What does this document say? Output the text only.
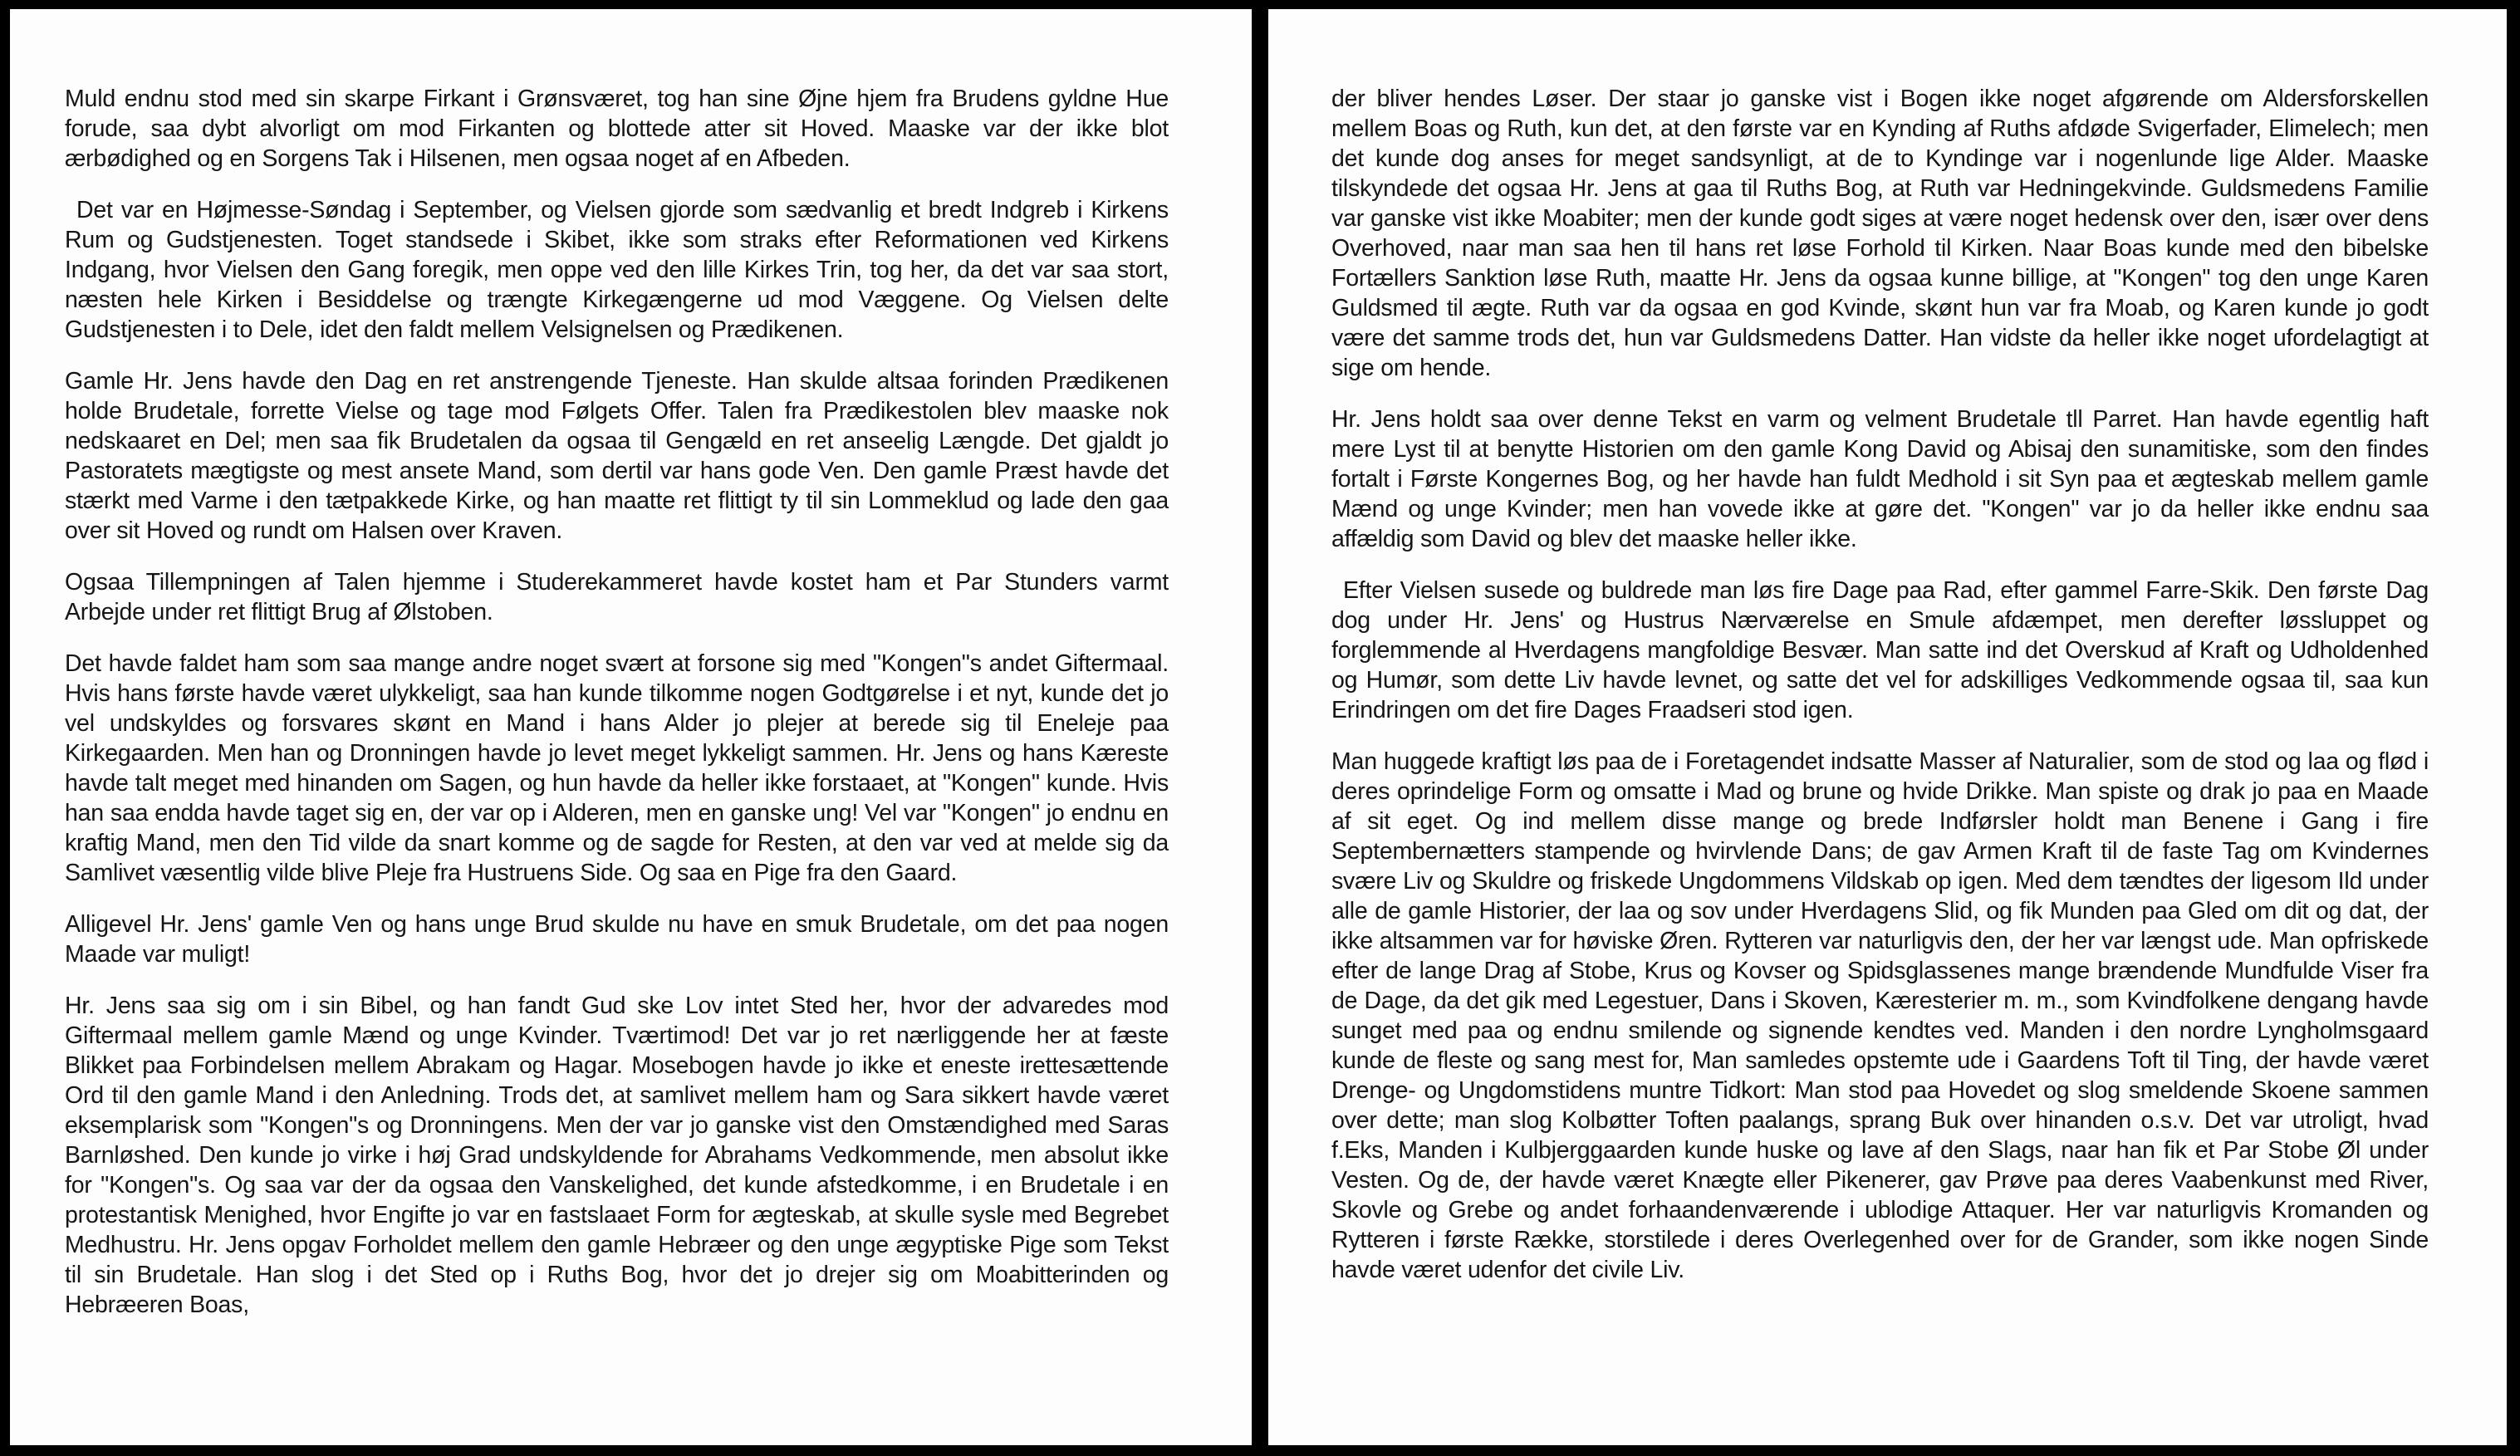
Muld endnu stod med sin skarpe Firkant i Grønsværet, tog han sine Øjne hjem fra Brudens gyldne Hue forude, saa dybt alvorligt om mod Firkanten og blottede atter sit Hoved. Maaske var der ikke blot ærbødighed og en Sorgens Tak i Hilsenen, men ogsaa noget af en Afbeden.

Det var en Højmesse-Søndag i September, og Vielsen gjorde som sædvanlig et bredt Indgreb i Kirkens Rum og Gudstjenesten. Toget standsede i Skibet, ikke som straks efter Reformationen ved Kirkens Indgang, hvor Vielsen den Gang foregik, men oppe ved den lille Kirkes Trin, tog her, da det var saa stort, næsten hele Kirken i Besiddelse og trængte Kirkegængerne ud mod Væggene. Og Vielsen delte Gudstjenesten i to Dele, idet den faldt mellem Velsignelsen og Prædikenen.

Gamle Hr. Jens havde den Dag en ret anstrengende Tjeneste. Han skulde altsaa forinden Prædikenen holde Brudetale, forrette Vielse og tage mod Følgets Offer. Talen fra Prædikestolen blev maaske nok nedskaaret en Del; men saa fik Brudetalen da ogsaa til Gengæld en ret anseelig Længde. Det gjaldt jo Pastoratets mægtigste og mest ansete Mand, som dertil var hans gode Ven. Den gamle Præst havde det stærkt med Varme i den tætpakkede Kirke, og han maatte ret flittigt ty til sin Lommeklud og lade den gaa over sit Hoved og rundt om Halsen over Kraven.

Ogsaa Tillempningen af Talen hjemme i Studerekammeret havde kostet ham et Par Stunders varmt Arbejde under ret flittigt Brug af Ølstoben.

Det havde faldet ham som saa mange andre noget svært at forsone sig med "Kongen"s andet Giftermaal. Hvis hans første havde været ulykkeligt, saa han kunde tilkomme nogen Godtgørelse i et nyt, kunde det jo vel undskyldes og forsvares skønt en Mand i hans Alder jo plejer at berede sig til Eneleje paa Kirkegaarden. Men han og Dronningen havde jo levet meget lykkeligt sammen. Hr. Jens og hans Kæreste havde talt meget med hinanden om Sagen, og hun havde da heller ikke forstaaet, at "Kongen" kunde. Hvis han saa endda havde taget sig en, der var op i Alderen, men en ganske ung! Vel var "Kongen" jo endnu en kraftig Mand, men den Tid vilde da snart komme og de sagde for Resten, at den var ved at melde sig da Samlivet væsentlig vilde blive Pleje fra Hustruens Side. Og saa en Pige fra den Gaard.

Alligevel Hr. Jens' gamle Ven og hans unge Brud skulde nu have en smuk Brudetale, om det paa nogen Maade var muligt!

Hr. Jens saa sig om i sin Bibel, og han fandt Gud ske Lov intet Sted her, hvor der advaredes mod Giftermaal mellem gamle Mænd og unge Kvinder. Tværtimod! Det var jo ret nærliggende her at fæste Blikket paa Forbindelsen mellem Abrakam og Hagar. Mosebogen havde jo ikke et eneste irettesættende Ord til den gamle Mand i den Anledning. Trods det, at samlivet mellem ham og Sara sikkert havde været eksemplarisk som "Kongen"s og Dronningens. Men der var jo ganske vist den Omstændighed med Saras Barnløshed. Den kunde jo virke i høj Grad undskyldende for Abrahams Vedkommende, men absolut ikke for "Kongen"s. Og saa var der da ogsaa den Vanskelighed, det kunde afstedkomme, i en Brudetale i en protestantisk Menighed, hvor Engifte jo var en fastslaaet Form for ægteskab, at skulle sysle med Begrebet Medhustru. Hr. Jens opgav Forholdet mellem den gamle Hebræer og den unge ægyptiske Pige som Tekst til sin Brudetale. Han slog i det Sted op i Ruths Bog, hvor det jo drejer sig om Moabitterinden og Hebræeren Boas,

der bliver hendes Løser. Der staar jo ganske vist i Bogen ikke noget afgørende om Aldersforskellen mellem Boas og Ruth, kun det, at den første var en Kynding af Ruths afdøde Svigerfader, Elimelech; men det kunde dog anses for meget sandsynligt, at de to Kyndinge var i nogenlunde lige Alder. Maaske tilskyndede det ogsaa Hr. Jens at gaa til Ruths Bog, at Ruth var Hedningekvinde. Guldsmedens Familie var ganske vist ikke Moabiter; men der kunde godt siges at være noget hedensk over den, især over dens Overhoved, naar man saa hen til hans ret løse Forhold til Kirken. Naar Boas kunde med den bibelske Fortællers Sanktion løse Ruth, maatte Hr. Jens da ogsaa kunne billige, at "Kongen" tog den unge Karen Guldsmed til ægte. Ruth var da ogsaa en god Kvinde, skønt hun var fra Moab, og Karen kunde jo godt være det samme trods det, hun var Guldsmedens Datter. Han vidste da heller ikke noget ufordelagtigt at sige om hende.

Hr. Jens holdt saa over denne Tekst en varm og velment Brudetale tll Parret. Han havde egentlig haft mere Lyst til at benytte Historien om den gamle Kong David og Abisaj den sunamitiske, som den findes fortalt i Første Kongernes Bog, og her havde han fuldt Medhold i sit Syn paa et ægteskab mellem gamle Mænd og unge Kvinder; men han vovede ikke at gøre det. "Kongen" var jo da heller ikke endnu saa affældig som David og blev det maaske heller ikke.

Efter Vielsen susede og buldrede man løs fire Dage paa Rad, efter gammel Farre-Skik. Den første Dag dog under Hr. Jens' og Hustrus Nærværelse en Smule afdæmpet, men derefter løssluppet og forglemmende al Hverdagens mangfoldige Besvær. Man satte ind det Overskud af Kraft og Udholdenhed og Humør, som dette Liv havde levnet, og satte det vel for adskilliges Vedkommende ogsaa til, saa kun Erindringen om det fire Dages Fraadseri stod igen.

Man huggede kraftigt løs paa de i Foretagendet indsatte Masser af Naturalier, som de stod og laa og flød i deres oprindelige Form og omsatte i Mad og brune og hvide Drikke. Man spiste og drak jo paa en Maade af sit eget. Og ind mellem disse mange og brede Indførsler holdt man Benene i Gang i fire Septembernætters stampende og hvirvlende Dans; de gav Armen Kraft til de faste Tag om Kvindernes svære Liv og Skuldre og friskede Ungdommens Vildskab op igen. Med dem tændtes der ligesom Ild under alle de gamle Historier, der laa og sov under Hverdagens Slid, og fik Munden paa Gled om dit og dat, der ikke altsammen var for høviske Øren. Rytteren var naturligvis den, der her var længst ude. Man opfriskede efter de lange Drag af Stobe, Krus og Kovser og Spidsglassenes mange brændende Mundfulde Viser fra de Dage, da det gik med Legestuer, Dans i Skoven, Kæresterier m. m., som Kvindfolkene dengang havde sunget med paa og endnu smilende og signende kendtes ved. Manden i den nordre Lyngholmsgaard kunde de fleste og sang mest for, Man samledes opstemte ude i Gaardens Toft til Ting, der havde været Drenge- og Ungdomstidens muntre Tidkort: Man stod paa Hovedet og slog smeldende Skoene sammen over dette; man slog Kolbøtter Toften paalangs, sprang Buk over hinanden o.s.v. Det var utroligt, hvad f.Eks, Manden i Kulbjerggaarden kunde huske og lave af den Slags, naar han fik et Par Stobe Øl under Vesten. Og de, der havde været Knægte eller Pikenerer, gav Prøve paa deres Vaabenkunst med River, Skovle og Grebe og andet forhaandenværende i ublodige Attaquer. Her var naturligvis Kromanden og Rytteren i første Række, storstilede i deres Overlegenhed over for de Grander, som ikke nogen Sinde havde været udenfor det civile Liv.
